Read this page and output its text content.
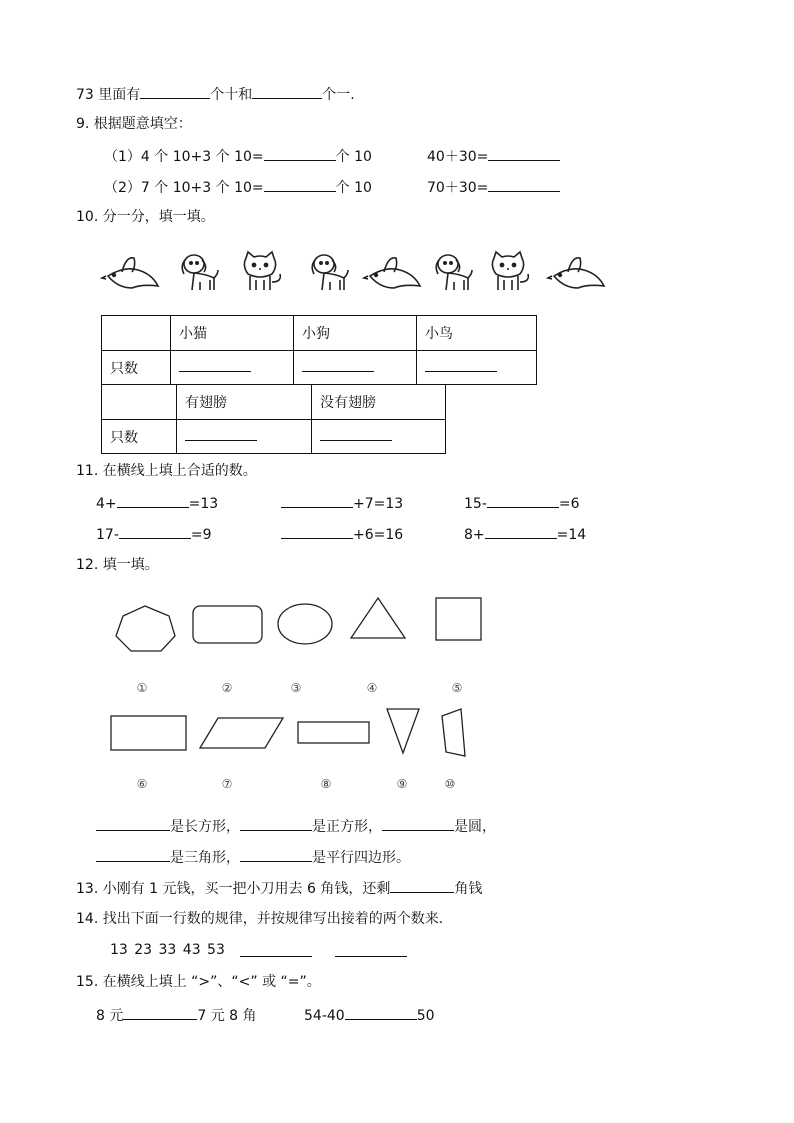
73 里面有	个十和	个一.
9. 根据题意填空：
（1）4 个 10+3 个 10=	个 10	40＋30=
（2）7 个 10+3 个 10=	个 10	70＋30=
10. 分一分，填一填。
	小猫	小狗	小鸟
只数			
	有翅膀	没有翅膀
只数		
11. 在横线上填上合适的数。
4+	=13	+7=13	15-	=6
17-	=9	+6=16	8+	=14
12. 填一填。
①	②	③	④	⑤
⑥	⑦	⑧	⑨	⑩
是长方形，	是正方形，	是圆，
是三角形，	是平行四边形。
13. 小刚有 1 元钱，买一把小刀用去 6 角钱，还剩	角钱
14. 找出下面一行数的规律，并按规律写出接着的两个数来.
13 23 33 43 53
15. 在横线上填上 “>”、“<” 或 “=”。
8 元	7 元 8 角	54-40	50
